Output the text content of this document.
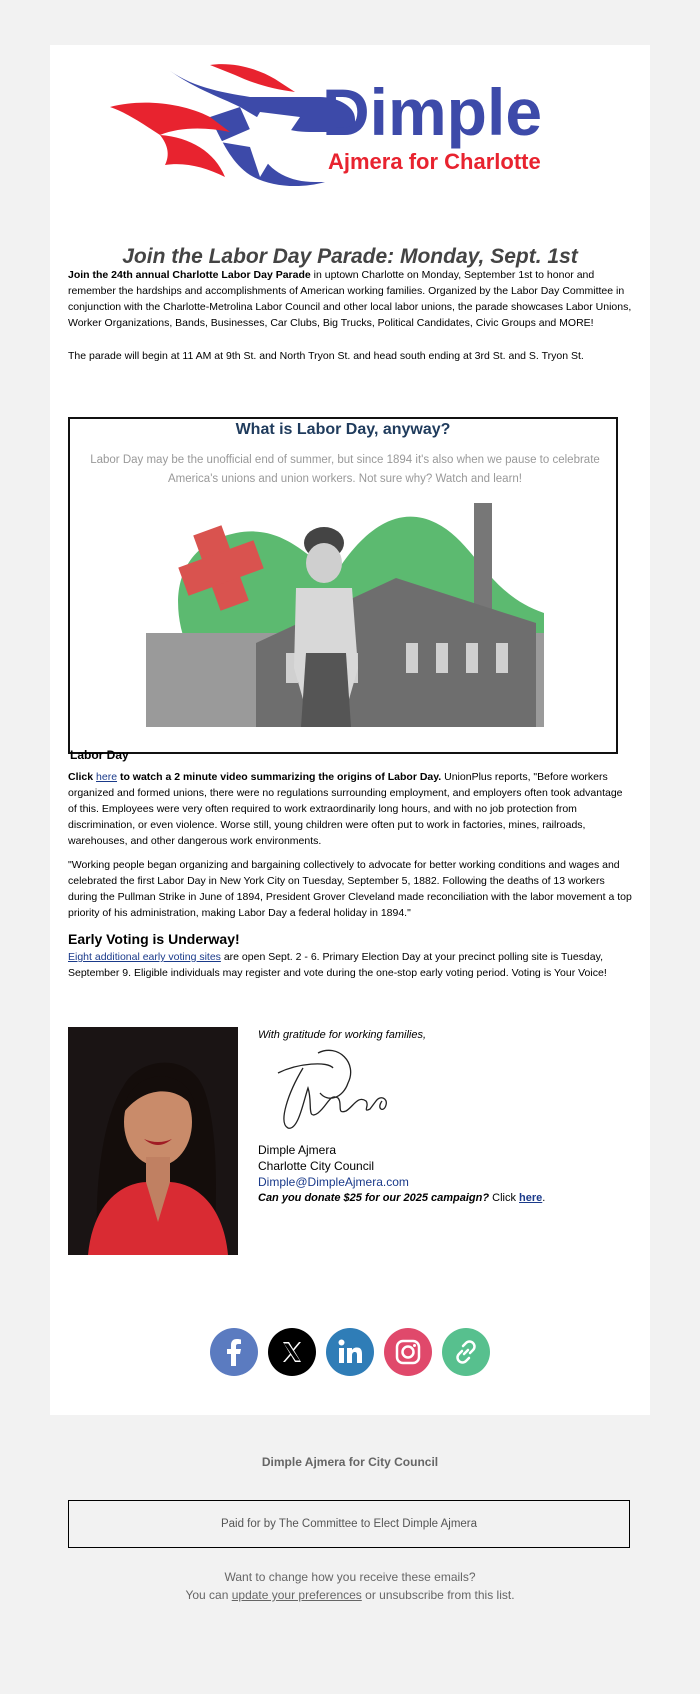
Dimple
Ajmera for Charlotte
Join the Labor Day Parade: Monday, Sept. 1st
Join the 24th annual Charlotte Labor Day Parade in uptown Charlotte on Monday, September 1st to honor and remember the hardships and accomplishments of American working families. Organized by the Labor Day Committee in conjunction with the Charlotte-Metrolina Labor Council and other local labor unions, the parade showcases Labor Unions, Worker Organizations, Bands, Businesses, Car Clubs, Big Trucks, Political Candidates, Civic Groups and MORE!
The parade will begin at 11 AM at 9th St. and North Tryon St. and head south ending at 3rd St. and S. Tryon St.
What is Labor Day, anyway?
Labor Day may be the unofficial end of summer, but since 1894 it's also when we pause to celebrate America's unions and union workers. Not sure why? Watch and learn!
Labor Day
Click here to watch a 2 minute video summarizing the origins of Labor Day. UnionPlus reports, "Before workers organized and formed unions, there were no regulations surrounding employment, and employers often took advantage of this. Employees were very often required to work extraordinarily long hours, and with no job protection from discrimination, or even violence. Worse still, young children were often put to work in factories, mines, railroads, warehouses, and other dangerous work environments.
"Working people began organizing and bargaining collectively to advocate for better working conditions and wages and celebrated the first Labor Day in New York City on Tuesday, September 5, 1882. Following the deaths of 13 workers during the Pullman Strike in June of 1894, President Grover Cleveland made reconciliation with the labor movement a top priority of his administration, making Labor Day a federal holiday in 1894."
Early Voting is Underway!
Eight additional early voting sites are open Sept. 2 - 6. Primary Election Day at your precinct polling site is Tuesday, September 9. Eligible individuals may register and vote during the one-stop early voting period. Voting is Your Voice!
With gratitude for working families,
Dimple Ajmera
Charlotte City Council
Dimple@DimpleAjmera.com
Can you donate $25 for our 2025 campaign? Click here.
Dimple Ajmera for City Council
Paid for by The Committee to Elect Dimple Ajmera
Want to change how you receive these emails?
You can update your preferences or unsubscribe from this list.
